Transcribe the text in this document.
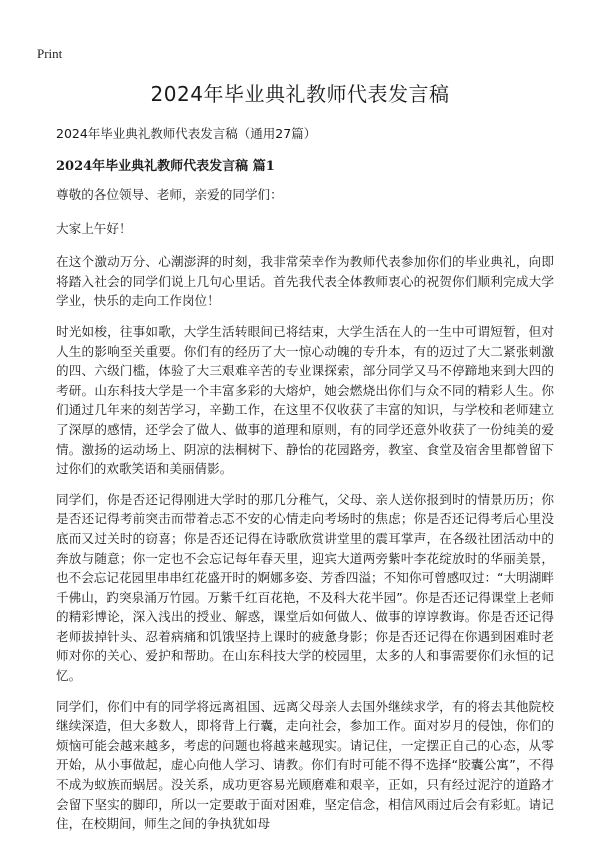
Print
2024年毕业典礼教师代表发言稿
2024年毕业典礼教师代表发言稿（通用27篇）
2024年毕业典礼教师代表发言稿 篇1

尊敬的各位领导、老师，亲爱的同学们：

大家上午好！

在这个激动万分、心潮澎湃的时刻，我非常荣幸作为教师代表参加你们的毕业典礼，向即将踏入社会的同学们说上几句心里话。首先我代表全体教师衷心的祝贺你们顺利完成大学学业，快乐的走向工作岗位！

时光如梭，往事如歌，大学生活转眼间已将结束，大学生活在人的一生中可谓短暂，但对人生的影响至关重要。你们有的经历了大一惊心动魄的专升本，有的迈过了大二紧张刺激的四、六级门槛，体验了大三艰难辛苦的专业课探索，部分同学又马不停蹄地来到大四的考研。山东科技大学是一个丰富多彩的大熔炉，她会燃烧出你们与众不同的精彩人生。你们通过几年来的刻苦学习，辛勤工作，在这里不仅收获了丰富的知识，与学校和老师建立了深厚的感情，还学会了做人、做事的道理和原则，有的同学还意外收获了一份纯美的爱情。激扬的运动场上、阴凉的法桐树下、静怡的花园路旁，教室、食堂及宿舍里都曾留下过你们的欢歌笑语和美丽倩影。

同学们，你是否还记得刚进大学时的那几分稚气，父母、亲人送你报到时的情景历历；你是否还记得考前突击而带着忐忑不安的心情走向考场时的焦虑；你是否还记得考后心里没底而又过关时的窃喜；你是否还记得在诗歌欣赏讲堂里的震耳掌声，在各级社团活动中的奔放与随意；你一定也不会忘记每年春天里，迎宾大道两旁紫叶李花绽放时的华丽美景，也不会忘记花园里串串红花盛开时的婀娜多姿、芳香四溢；不知你可曾感叹过：“大明湖畔千佛山，趵突泉涌万竹园。万紫千红百花艳，不及科大花半园”。你是否还记得课堂上老师的精彩博论，深入浅出的授业、解惑，课堂后如何做人、做事的谆谆教诲。你是否还记得老师拔掉针头、忍着病痛和饥饿坚持上课时的疲惫身影；你是否还记得在你遇到困难时老师对你的关心、爱护和帮助。在山东科技大学的校园里，太多的人和事需要你们永恒的记忆。

同学们，你们中有的同学将远离祖国、远离父母亲人去国外继续求学，有的将去其他院校继续深造，但大多数人，即将背上行囊，走向社会，参加工作。面对岁月的侵蚀，你们的烦恼可能会越来越多，考虑的问题也将越来越现实。请记住，一定摆正自己的心态，从零开始，从小事做起，虚心向他人学习、请教。你们有时可能不得不选择“胶囊公寓”，不得不成为蚁族而蜗居。没关系，成功更容易光顾磨难和艰辛，正如，只有经过泥泞的道路才会留下坚实的脚印，所以一定要敢于面对困难，坚定信念，相信风雨过后会有彩虹。请记住，在校期间，师生之间的争执犹如母
